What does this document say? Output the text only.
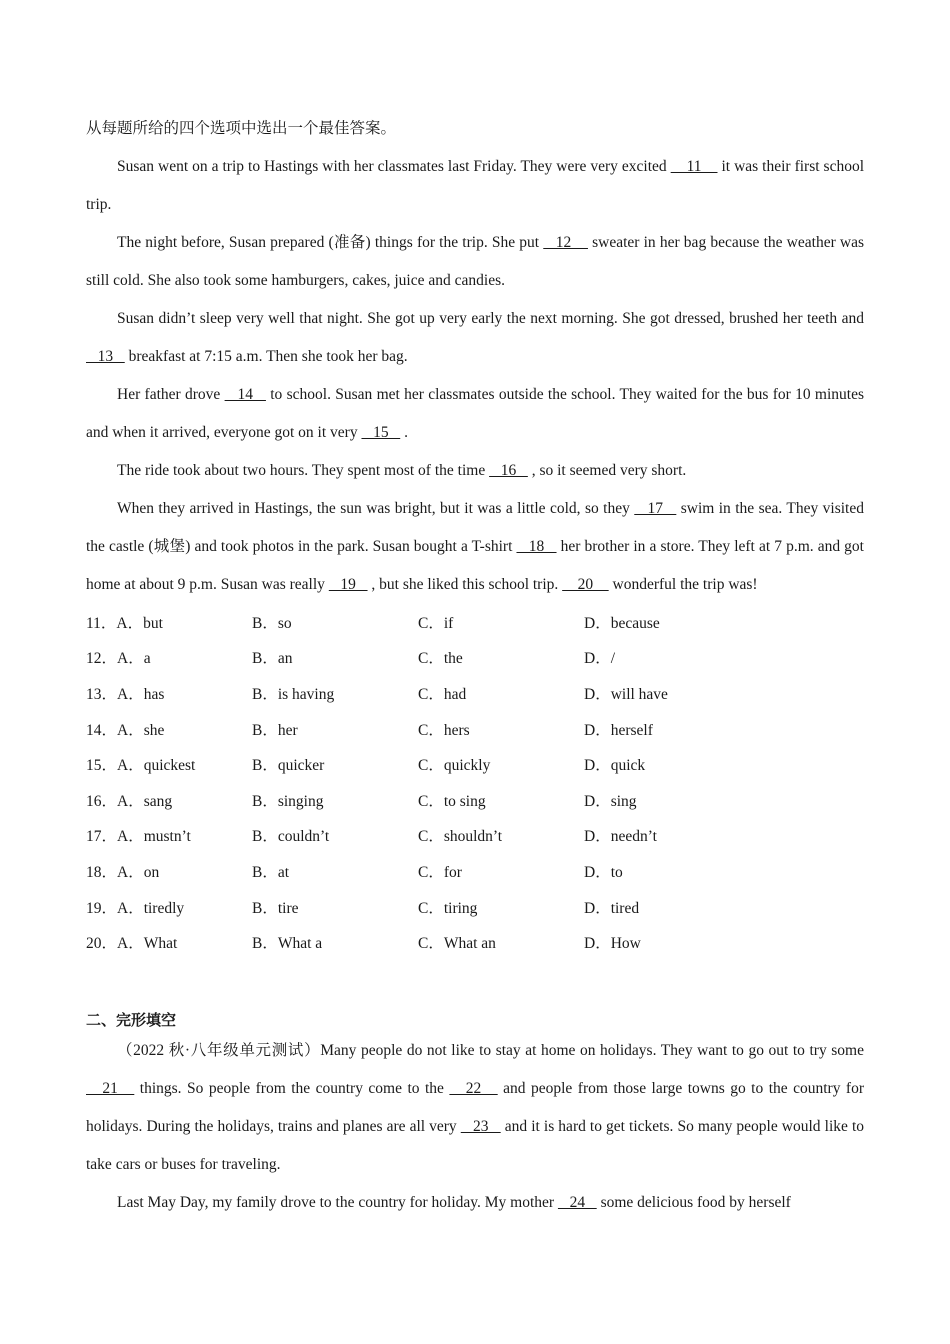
从每题所给的四个选项中选出一个最佳答案。

Susan went on a trip to Hastings with her classmates last Friday. They were very excited     11     it was their first school trip.

The night before, Susan prepared (准备) things for the trip. She put    12     sweater in her bag because the weather was still cold. She also took some hamburgers, cakes, juice and candies.

Susan didn’t sleep very well that night. She got up very early the next morning. She got dressed, brushed her teeth and    13    breakfast at 7:15 a.m. Then she took her bag.

Her father drove    14    to school. Susan met her classmates outside the school. They waited for the bus for 10 minutes and when it arrived, everyone got on it very    15    .

The ride took about two hours. They spent most of the time    16    , so it seemed very short.

When they arrived in Hastings, the sun was bright, but it was a little cold, so they    17    swim in the sea. They visited the castle (城堡) and took photos in the park. Susan bought a T-shirt    18    her brother in a store. They left at 7 p.m. and got home at about 9 p.m. Susan was really    19    , but she liked this school trip.     20     wonderful the trip was!

11．A．but	B．so	C．if	D．because
12．A．a	B．an	C．the	D．/
13．A．has	B．is having	C．had	D．will have
14．A．she	B．her	C．hers	D．herself
15．A．quickest	B．quicker	C．quickly	D．quick
16．A．sang	B．singing	C．to sing	D．sing
17．A．mustn’t	B．couldn’t	C．shouldn’t	D．needn’t
18．A．on	B．at	C．for	D．to
19．A．tiredly	B．tire	C．tiring	D．tired
20．A．What	B．What a	C．What an	D．How
二、完形填空

（2022 秋·八年级单元测试）Many people do not like to stay at home on holidays. They want to go out to try some    21    things. So people from the country come to the    22    and people from those large towns go to the country for holidays. During the holidays, trains and planes are all very    23    and it is hard to get tickets. So many people would like to take cars or buses for traveling.

Last May Day, my family drove to the country for holiday. My mother    24    some delicious food by herself
